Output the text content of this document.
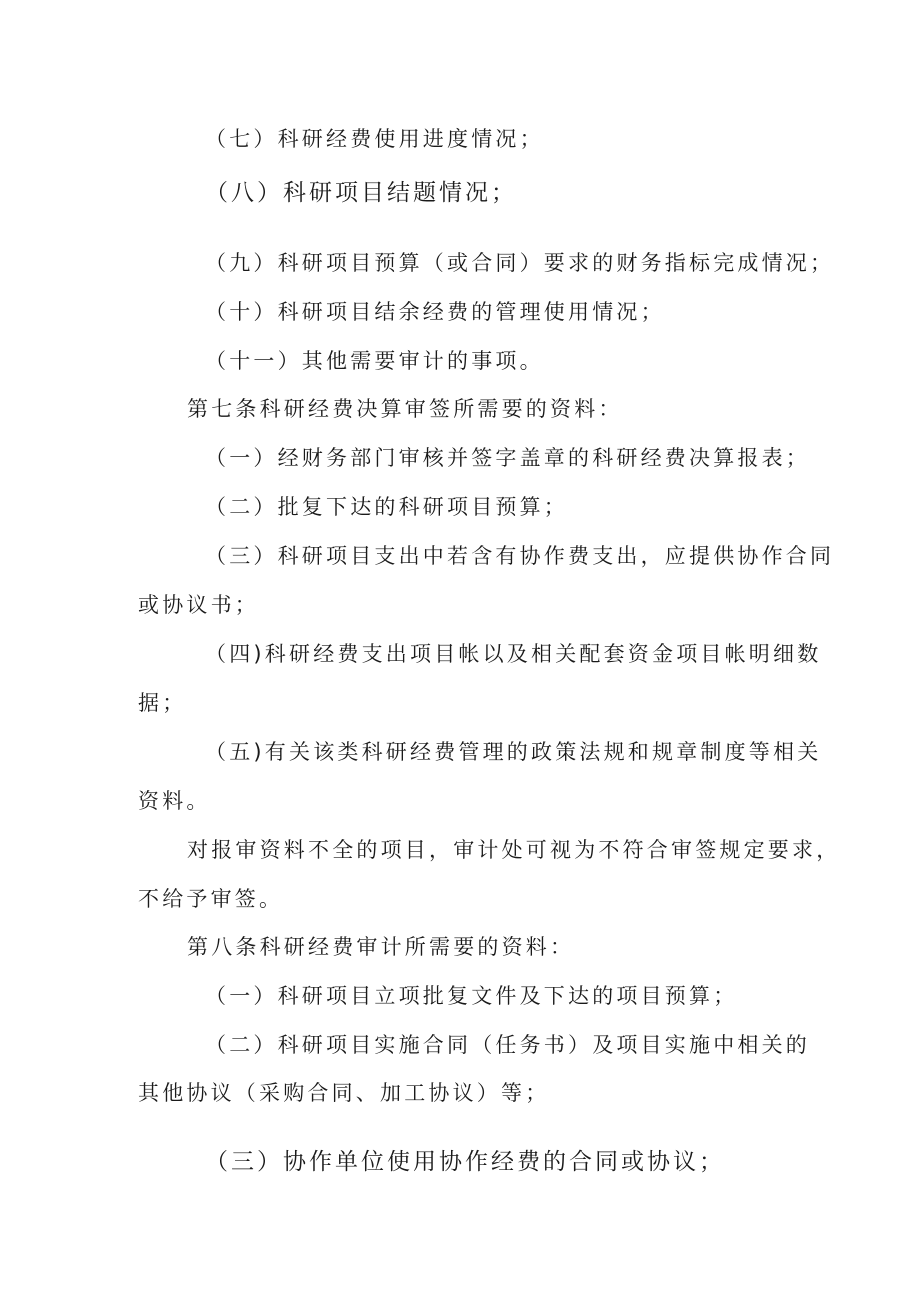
（七）科研经费使用进度情况；
（八）科研项目结题情况；
（九）科研项目预算（或合同）要求的财务指标完成情况；
（十）科研项目结余经费的管理使用情况；
（十一）其他需要审计的事项。
第七条科研经费决算审签所需要的资料：
（一）经财务部门审核并签字盖章的科研经费决算报表；
（二）批复下达的科研项目预算；
（三）科研项目支出中若含有协作费支出，应提供协作合同
或协议书；
（四)科研经费支出项目帐以及相关配套资金项目帐明细数
据；
（五)有关该类科研经费管理的政策法规和规章制度等相关
资料。
对报审资料不全的项目，审计处可视为不符合审签规定要求，
不给予审签。
第八条科研经费审计所需要的资料：
（一）科研项目立项批复文件及下达的项目预算；
（二）科研项目实施合同（任务书）及项目实施中相关的
其他协议（采购合同、加工协议）等；
（三）协作单位使用协作经费的合同或协议；
